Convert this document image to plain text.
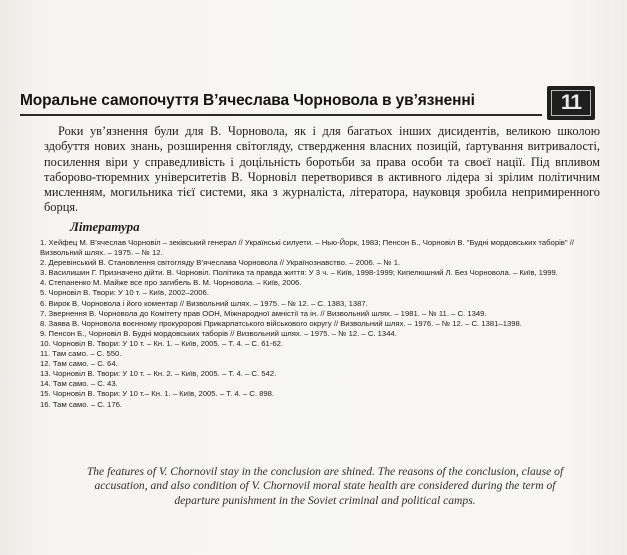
Моральне самопочуття В’ячеслава Чорновола в ув’язненні	11

Роки ув’язнення були для В. Чорновола, як і для багатьох інших дисидентів, великою школою здобуття нових знань, розширення світогляду, ствердження власних позицій, ґартування витривалості, посилення віри у справедливість і доцільність боротьби за права особи та своєї нації. Під впливом таборово-тюремних університетів В. Чорновіл перетворився в активного лідера зі зрілим політичним мисленням, могильника тієї системи, яка з журналіста, літератора, науковця зробила непримиренного борця.

Література
1. Хейфец М. В’ячеслав Чорновіл – зеківський генерал // Українські силуети. – Нью-Йорк, 1983; Пенсон Б., Чорновіл В. "Будні мордовських таборів" // Визвольний шлях. – 1975. – № 12.
2. Деревінський В. Становлення світогляду В’ячеслава Чорновола // Українознавство. – 2006. – № 1.
3. Василишин Г. Призначено дійти. В. Чорновіл. Політика та правда життя: У 3 ч. – Київ, 1998-1999; Кипелюшний Л. Без Чорновола. – Київ, 1999.
4. Степаненко М. Майже все про загибель В. М. Чорновола. – Київ, 2006.
5. Чорновіл В. Твори: У 10 т. – Київ, 2002–2006.
6. Вирок В. Чорновола і його коментар // Визвольний шлях. – 1975. – № 12. – С. 1383, 1387.
7. Звернення В. Чорновола до Комітету прав ООН, Міжнародної амністії та ін. // Визвольний шлях. – 1981. – № 11. – С. 1349.
8. Заява В. Чорновола воєнному прокуророві Прикарпатського військового округу // Визвольний шлях. – 1976. – № 12. – С. 1381–1398.
9. Пенсон Б., Чорновіл В. Будні мордовських таборів // Визвольний шлях. – 1975. – № 12. – С. 1344.
10. Чорновіл В. Твори: У 10 т. – Кн. 1. – Київ, 2005. – Т. 4. – С. 61-62.
11. Там само. – С. 550.
12. Там само. – С. 64.
13. Чорновіл В. Твори: У 10 т. – Кн. 2. – Київ, 2005. – Т. 4. – С. 542.
14. Там само. – С. 43.
15. Чорновіл В. Твори: У 10 т.– Кн. 1. – Київ, 2005. – Т. 4. – С. 898.
16. Там само. – С. 176.
The features of V. Chornovil stay in the conclusion are shined. The reasons of the conclusion, clause of accusation, and also condition of V. Chornovil moral state health are considered during the term of departure punishment in the Soviet criminal and political camps.
